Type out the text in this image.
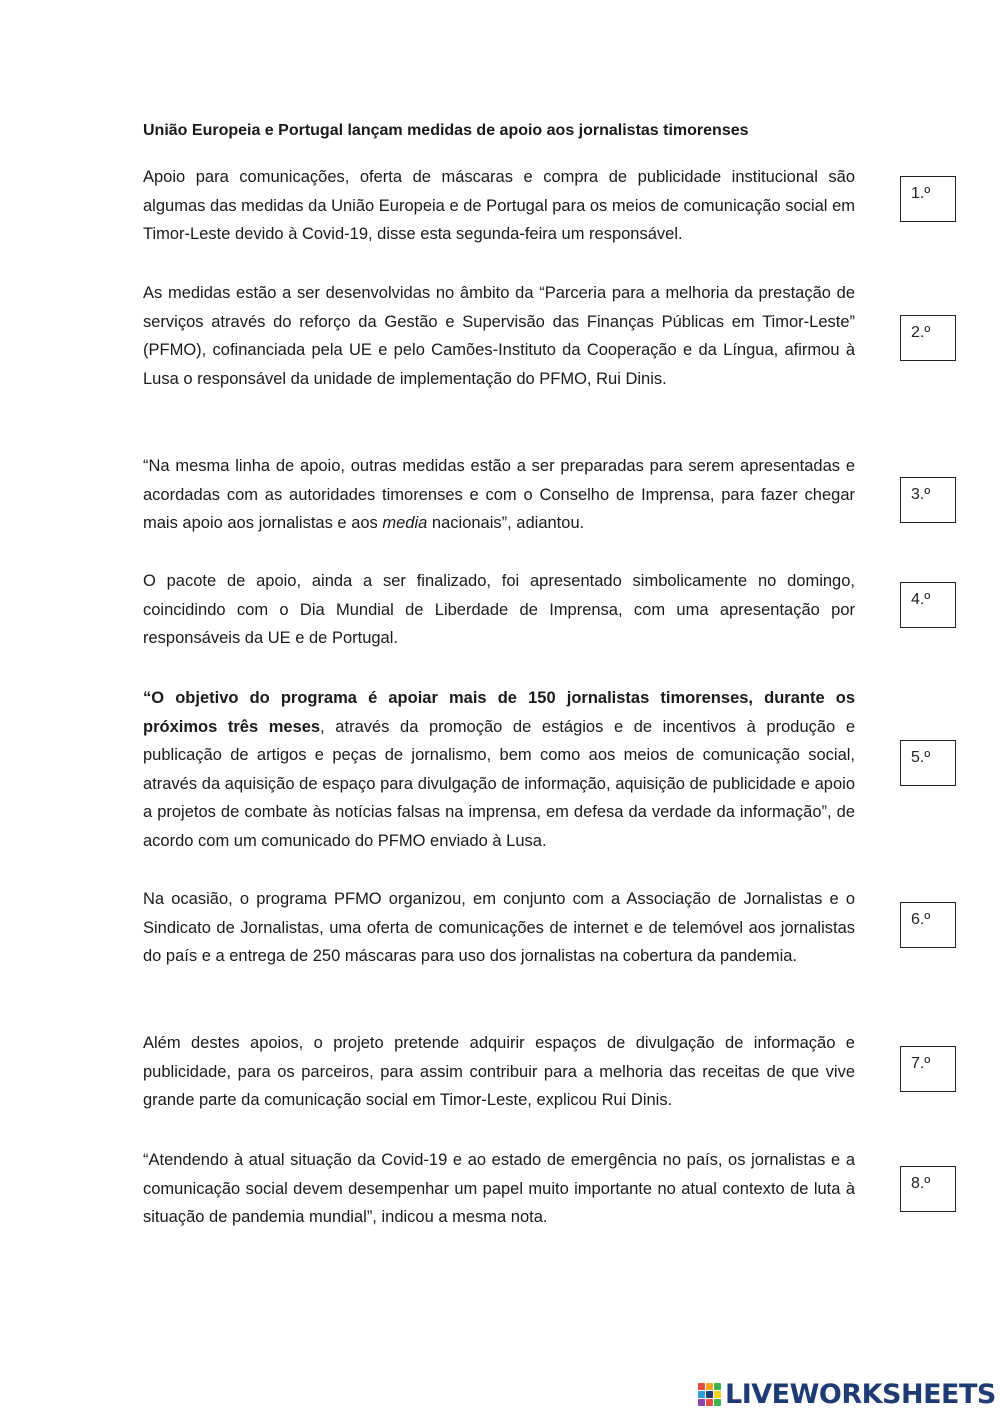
União Europeia e Portugal lançam medidas de apoio aos jornalistas timorenses
Apoio para comunicações, oferta de máscaras e compra de publicidade institucional são algumas das medidas da União Europeia e de Portugal para os meios de comunicação social em Timor-Leste devido à Covid-19, disse esta segunda-feira um responsável.
As medidas estão a ser desenvolvidas no âmbito da “Parceria para a melhoria da prestação de serviços através do reforço da Gestão e Supervisão das Finanças Públicas em Timor-Leste” (PFMO), cofinanciada pela UE e pelo Camões-Instituto da Cooperação e da Língua, afirmou à Lusa o responsável da unidade de implementação do PFMO, Rui Dinis.
“Na mesma linha de apoio, outras medidas estão a ser preparadas para serem apresentadas e acordadas com as autoridades timorenses e com o Conselho de Imprensa, para fazer chegar mais apoio aos jornalistas e aos media nacionais”, adiantou.
O pacote de apoio, ainda a ser finalizado, foi apresentado simbolicamente no domingo, coincidindo com o Dia Mundial de Liberdade de Imprensa, com uma apresentação por responsáveis da UE e de Portugal.
“O objetivo do programa é apoiar mais de 150 jornalistas timorenses, durante os próximos três meses, através da promoção de estágios e de incentivos à produção e publicação de artigos e peças de jornalismo, bem como aos meios de comunicação social, através da aquisição de espaço para divulgação de informação, aquisição de publicidade e apoio a projetos de combate às notícias falsas na imprensa, em defesa da verdade da informação”, de acordo com um comunicado do PFMO enviado à Lusa.
Na ocasião, o programa PFMO organizou, em conjunto com a Associação de Jornalistas e o Sindicato de Jornalistas, uma oferta de comunicações de internet e de telemóvel aos jornalistas do país e a entrega de 250 máscaras para uso dos jornalistas na cobertura da pandemia.
Além destes apoios, o projeto pretende adquirir espaços de divulgação de informação e publicidade, para os parceiros, para assim contribuir para a melhoria das receitas de que vive grande parte da comunicação social em Timor-Leste, explicou Rui Dinis.
“Atendendo à atual situação da Covid-19 e ao estado de emergência no país, os jornalistas e a comunicação social devem desempenhar um papel muito importante no atual contexto de luta à situação de pandemia mundial”, indicou a mesma nota.
1.º
2.º
3.º
4.º
5.º
6.º
7.º
8.º
LIVEWORKSHEETS
